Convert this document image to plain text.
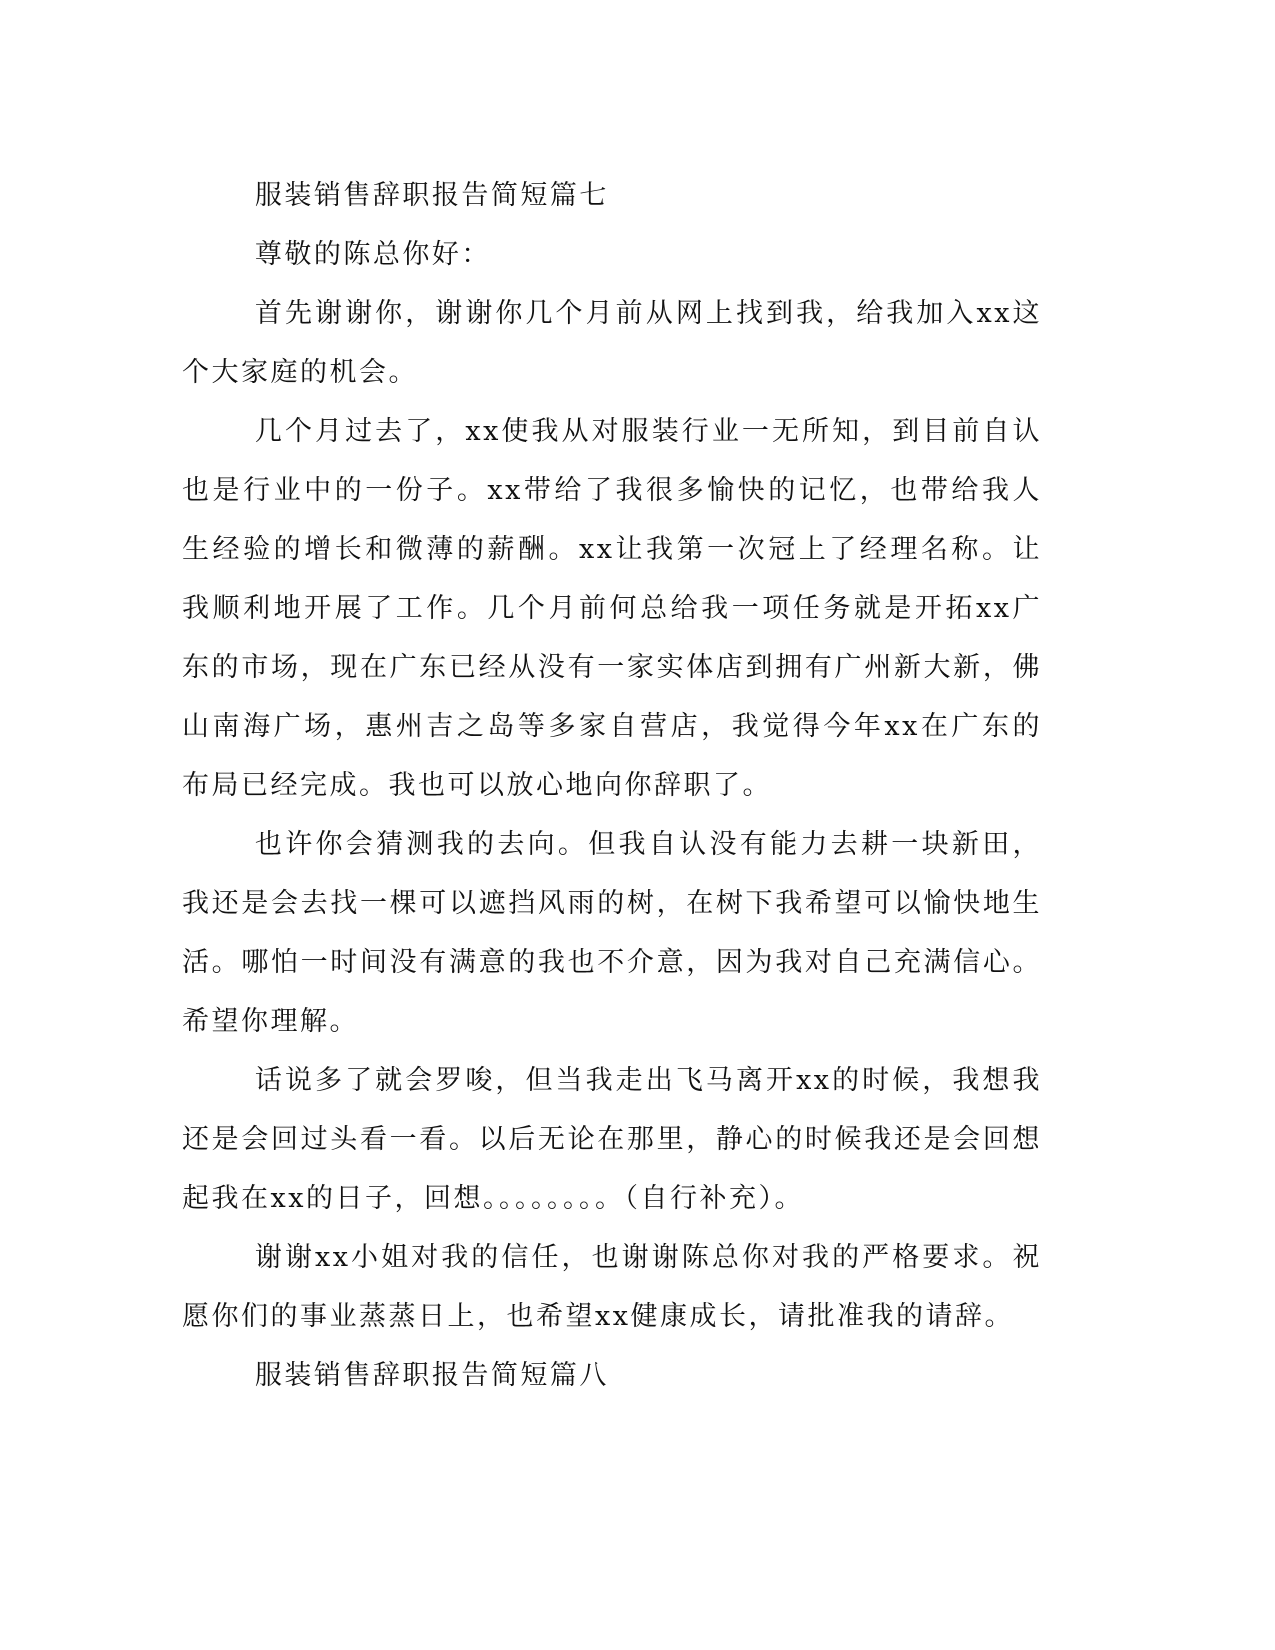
服装销售辞职报告简短篇七

尊敬的陈总你好：

首先谢谢你，谢谢你几个月前从网上找到我，给我加入xx这个大家庭的机会。

几个月过去了，xx使我从对服装行业一无所知，到目前自认也是行业中的一份子。xx带给了我很多愉快的记忆，也带给我人生经验的增长和微薄的薪酬。xx让我第一次冠上了经理名称。让我顺利地开展了工作。几个月前何总给我一项任务就是开拓xx广东的市场，现在广东已经从没有一家实体店到拥有广州新大新，佛山南海广场，惠州吉之岛等多家自营店，我觉得今年xx在广东的布局已经完成。我也可以放心地向你辞职了。

也许你会猜测我的去向。但我自认没有能力去耕一块新田，我还是会去找一棵可以遮挡风雨的树，在树下我希望可以愉快地生活。哪怕一时间没有满意的我也不介意，因为我对自己充满信心。希望你理解。

话说多了就会罗唆，但当我走出飞马离开xx的时候，我想我还是会回过头看一看。以后无论在那里，静心的时候我还是会回想起我在xx的日子，回想。。。。。。。。（自行补充）。

谢谢xx小姐对我的信任，也谢谢陈总你对我的严格要求。祝愿你们的事业蒸蒸日上，也希望xx健康成长，请批准我的请辞。

服装销售辞职报告简短篇八
